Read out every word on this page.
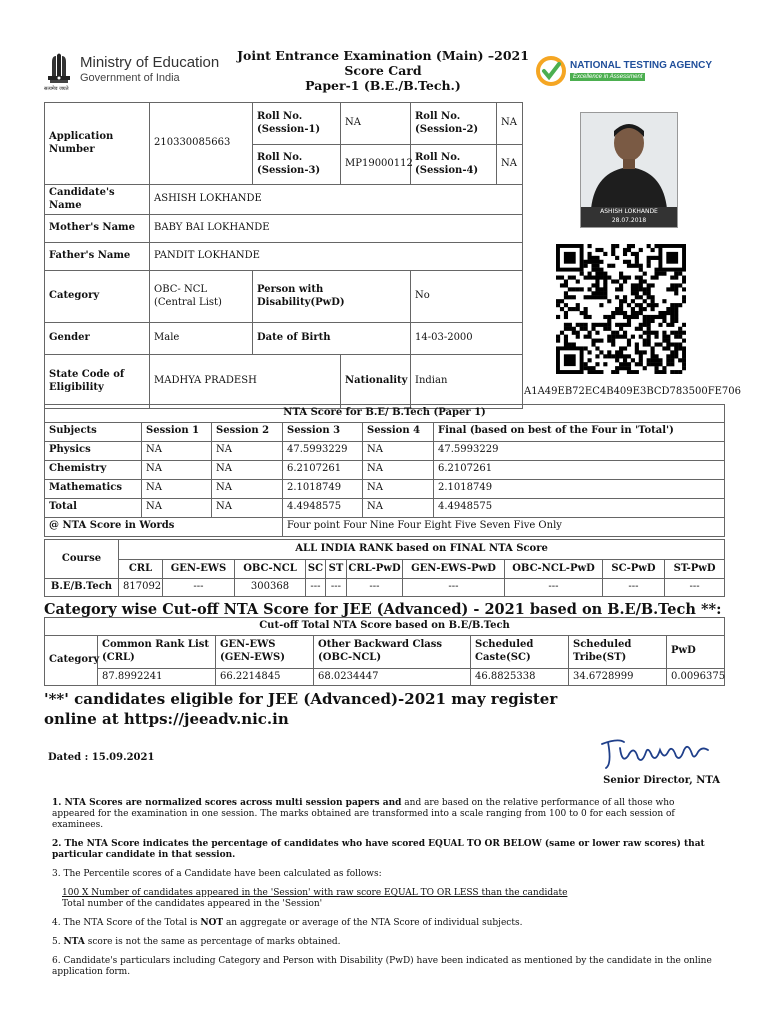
सत्यमेव जयते
Ministry of Education
Government of India
Joint Entrance Examination (Main) –2021
Score Card
Paper-1 (B.E./B.Tech.)
NATIONAL TESTING AGENCY
Excellence in Assessment
Application Number	210330085663	Roll No. (Session-1)	NA	Roll No. (Session-2)	NA
		Roll No. (Session-3)	MP19000112	Roll No. (Session-4)	NA
Candidate's Name	ASHISH LOKHANDE				
Mother's Name	BABY BAI LOKHANDE				
Father's Name	PANDIT LOKHANDE				
Category	OBC- NCL (Central List)	Person with Disability(PwD)		No	
Gender	Male	Date of Birth		14-03-2000	
State Code of Eligibility	MADHYA PRADESH		Nationality	Indian	
ASHISH LOKHANDE
28.07.2018
A1A49EB72EC4B409E3BCD783500FE706
NTA Score for B.E/ B.Tech (Paper 1)					
Subjects	Session 1	Session 2	Session 3	Session 4	Final (based on best of the Four in 'Total')
Physics	NA	NA	47.5993229	NA	47.5993229
Chemistry	NA	NA	6.2107261	NA	6.2107261
Mathematics	NA	NA	2.1018749	NA	2.1018749
Total	NA	NA	4.4948575	NA	4.4948575
@ NTA Score in Words			Four point Four Nine Four Eight Five Seven Five Only		
Course	ALL INDIA RANK based on FINAL NTA Score									
	CRL	GEN-EWS	OBC-NCL	SC	ST	CRL-PwD	GEN-EWS-PwD	OBC-NCL-PwD	SC-PwD	ST-PwD
B.E/B.Tech	817092	---	300368	---	---	---	---	---	---	---
Category wise Cut-off NTA Score for JEE (Advanced) - 2021 based on B.E/B.Tech **:
Cut-off Total NTA Score based on B.E/B.Tech						
Category	Common Rank List (CRL)	GEN-EWS (GEN-EWS)	Other Backward Class (OBC-NCL)	Scheduled Caste(SC)	Scheduled Tribe(ST)	PwD
	87.8992241	66.2214845	68.0234447	46.8825338	34.6728999	0.0096375
'**' candidates eligible for JEE (Advanced)-2021 may register online at https://jeeadv.nic.in
Dated : 15.09.2021
Senior Director, NTA

1. NTA Scores are normalized scores across multi session papers and and are based on the relative performance of all those who appeared for the examination in one session. The marks obtained are transformed into a scale ranging from 100 to 0 for each session of examinees.

2. The NTA Score indicates the percentage of candidates who have scored EQUAL TO OR BELOW (same or lower raw scores) that particular candidate in that session.

3. The Percentile scores of a Candidate have been calculated as follows:

100 X Number of candidates appeared in the 'Session' with raw score EQUAL TO OR LESS than the candidate

Total number of the candidates appeared in the 'Session'

4. The NTA Score of the Total is NOT an aggregate or average of the NTA Score of individual subjects.

5. NTA score is not the same as percentage of marks obtained.

6. Candidate's particulars including Category and Person with Disability (PwD) have been indicated as mentioned by the candidate in the online application form.
